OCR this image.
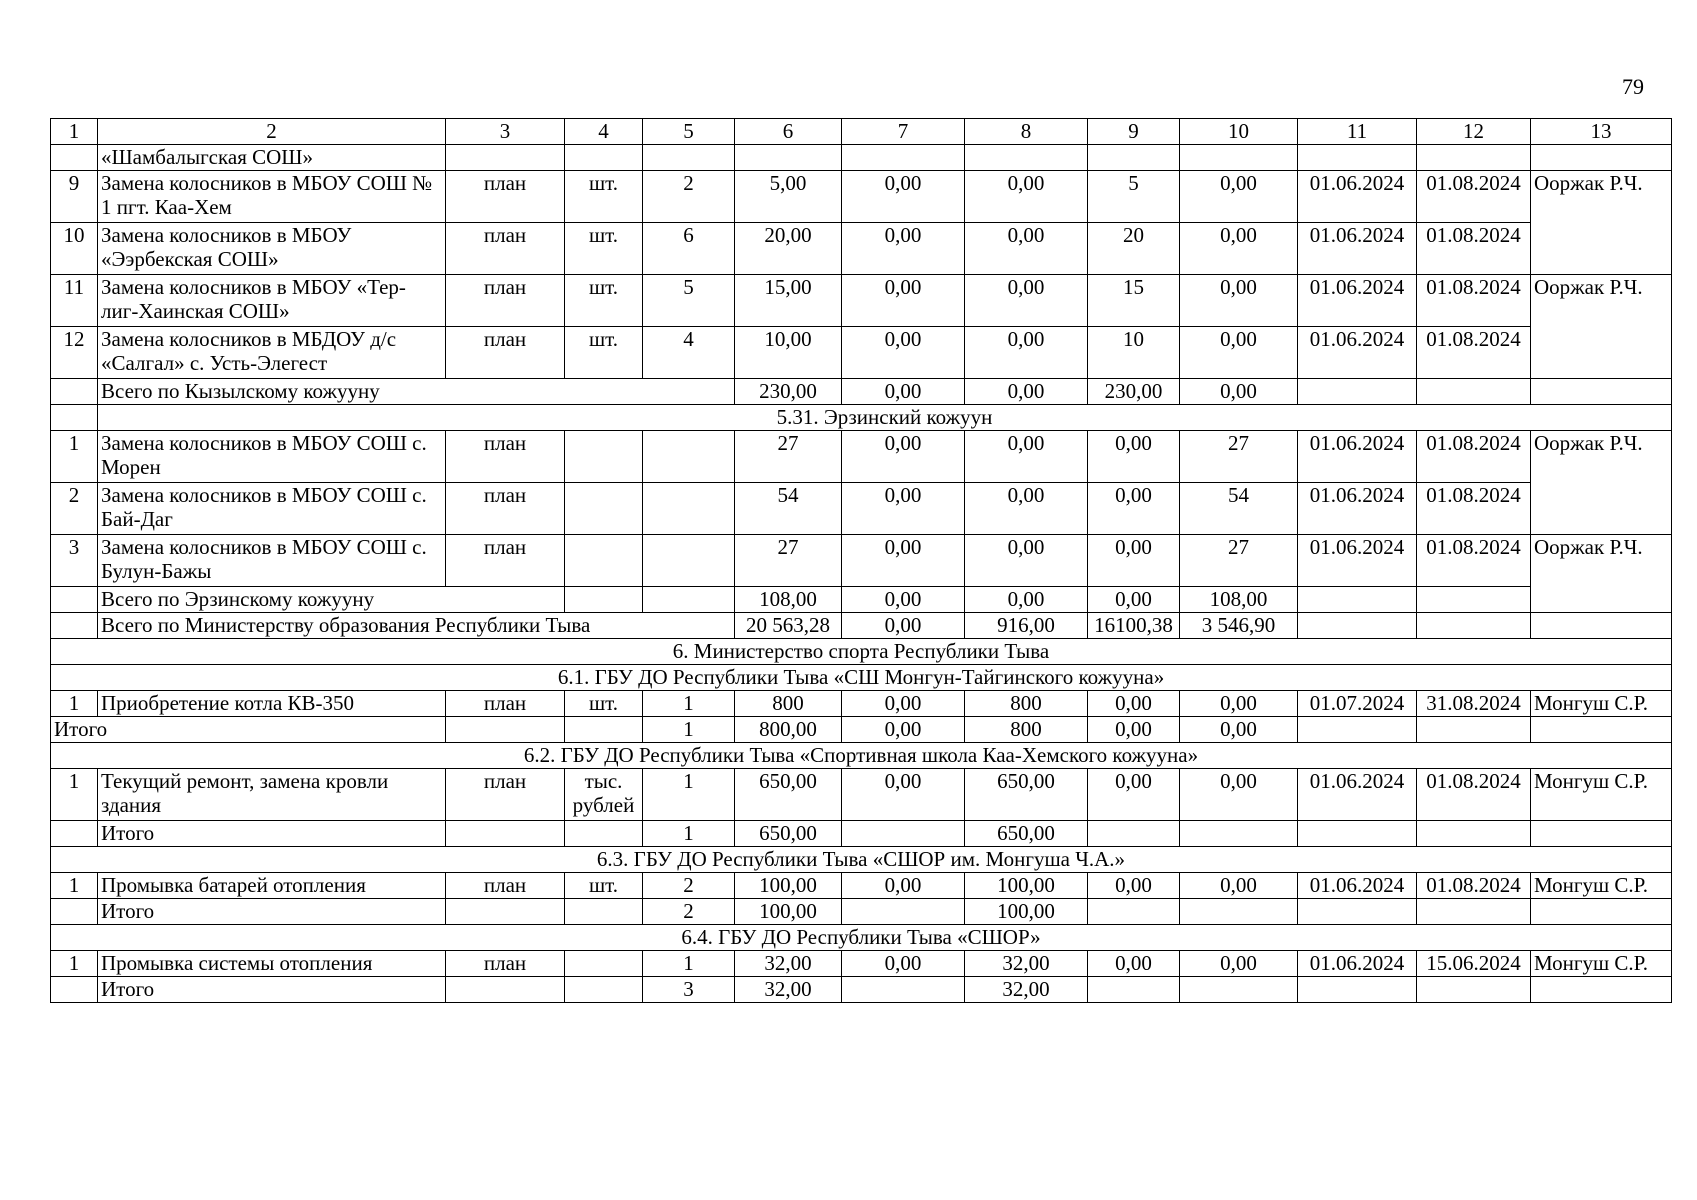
79
1	2	3	4	5	6	7	8	9	10	11	12	13
	«Шамбалыгская СОШ»											
9	Замена колосников в МБОУ СОШ № 1 пгт. Каа-Хем	план	шт.	2	5,00	0,00	0,00	5	0,00	01.06.2024	01.08.2024	Ооржак Р.Ч.
10	Замена колосников в МБОУ «Ээрбекская СОШ»	план	шт.	6	20,00	0,00	0,00	20	0,00	01.06.2024	01.08.2024	
11	Замена колосников в МБОУ «Тер-лиг-Хаинская СОШ»	план	шт.	5	15,00	0,00	0,00	15	0,00	01.06.2024	01.08.2024	Ооржак Р.Ч.
12	Замена колосников в МБДОУ д/с «Салгал» с. Усть-Элегест	план	шт.	4	10,00	0,00	0,00	10	0,00	01.06.2024	01.08.2024	
	Всего по Кызылскому кожууну				230,00	0,00	0,00	230,00	0,00			
	5.31. Эрзинский кожуун											
1	Замена колосников в МБОУ СОШ с. Морен	план			27	0,00	0,00	0,00	27	01.06.2024	01.08.2024	Ооржак Р.Ч.
2	Замена колосников в МБОУ СОШ с. Бай-Даг	план			54	0,00	0,00	0,00	54	01.06.2024	01.08.2024	
3	Замена колосников в МБОУ СОШ с. Булун-Бажы	план			27	0,00	0,00	0,00	27	01.06.2024	01.08.2024	Ооржак Р.Ч.
	Всего по Эрзинскому кожууну				108,00	0,00	0,00	0,00	108,00			
	Всего по Министерству образования Республики Тыва				20 563,28	0,00	916,00	16100,38	3 546,90			
6. Министерство спорта Республики Тыва												
6.1. ГБУ ДО Республики Тыва «СШ Монгун-Тайгинского кожууна»												
1	Приобретение котла КВ-350	план	шт.	1	800	0,00	800	0,00	0,00	01.07.2024	31.08.2024	Монгуш С.Р.
Итого				1	800,00	0,00	800	0,00	0,00			
6.2. ГБУ ДО Республики Тыва «Спортивная школа Каа-Хемского кожууна»												
1	Текущий ремонт, замена кровли здания	план	тыс. рублей	1	650,00	0,00	650,00	0,00	0,00	01.06.2024	01.08.2024	Монгуш С.Р.
	Итого			1	650,00		650,00					
6.3. ГБУ ДО Республики Тыва «СШОР им. Монгуша Ч.А.»												
1	Промывка батарей отопления	план	шт.	2	100,00	0,00	100,00	0,00	0,00	01.06.2024	01.08.2024	Монгуш С.Р.
	Итого			2	100,00		100,00					
6.4. ГБУ ДО Республики Тыва «СШОР»												
1	Промывка системы отопления	план		1	32,00	0,00	32,00	0,00	0,00	01.06.2024	15.06.2024	Монгуш С.Р.
	Итого			3	32,00		32,00					
